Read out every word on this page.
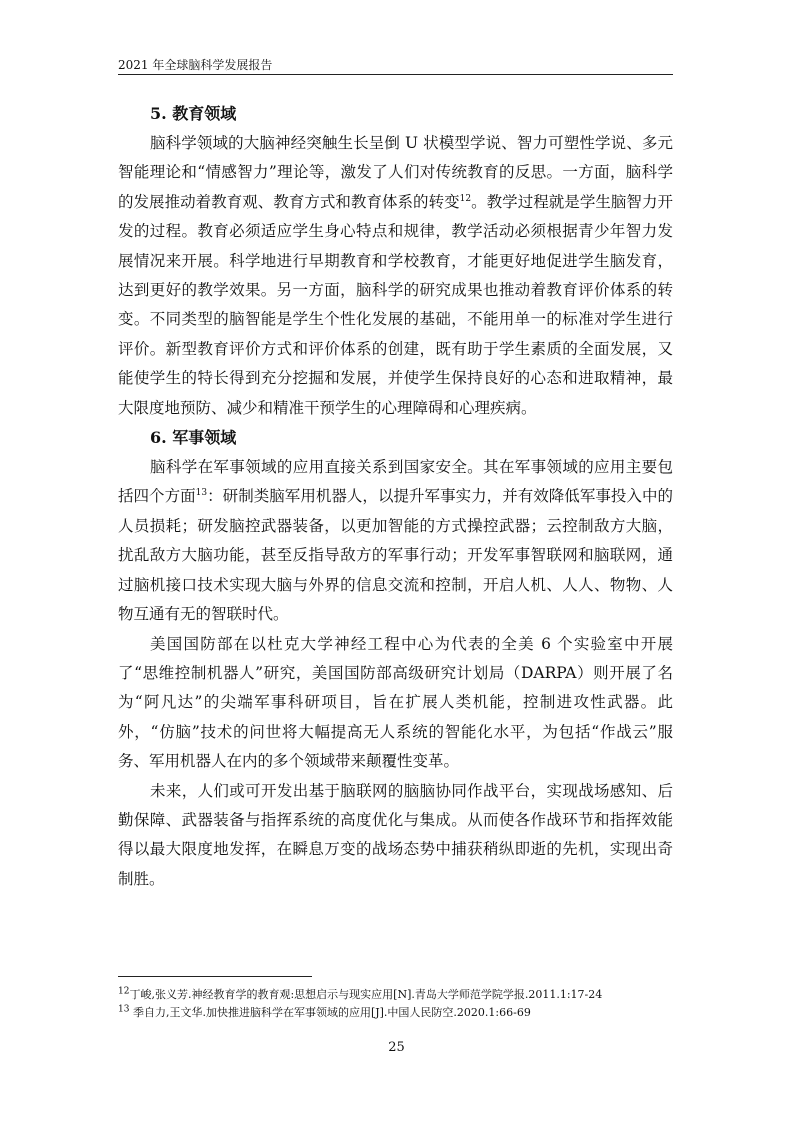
2021 年全球脑科学发展报告
5. 教育领域

脑科学领域的大脑神经突触生长呈倒 U 状模型学说、智力可塑性学说、多元智能理论和“情感智力”理论等，激发了人们对传统教育的反思。一方面，脑科学的发展推动着教育观、教育方式和教育体系的转变$^{12}$。教学过程就是学生脑智力开发的过程。教育必须适应学生身心特点和规律，教学活动必须根据青少年智力发展情况来开展。科学地进行早期教育和学校教育，才能更好地促进学生脑发育，达到更好的教学效果。另一方面，脑科学的研究成果也推动着教育评价体系的转变。不同类型的脑智能是学生个性化发展的基础，不能用单一的标准对学生进行评价。新型教育评价方式和评价体系的创建，既有助于学生素质的全面发展，又能使学生的特长得到充分挖掘和发展，并使学生保持良好的心态和进取精神，最大限度地预防、减少和精准干预学生的心理障碍和心理疾病。

6. 军事领域

脑科学在军事领域的应用直接关系到国家安全。其在军事领域的应用主要包括四个方面$^{13}$：研制类脑军用机器人，以提升军事实力，并有效降低军事投入中的人员损耗；研发脑控武器装备，以更加智能的方式操控武器；云控制敌方大脑，扰乱敌方大脑功能，甚至反指导敌方的军事行动；开发军事智联网和脑联网，通过脑机接口技术实现大脑与外界的信息交流和控制，开启人机、人人、物物、人物互通有无的智联时代。

美国国防部在以杜克大学神经工程中心为代表的全美 6 个实验室中开展了“思维控制机器人”研究，美国国防部高级研究计划局（DARPA）则开展了名为“阿凡达”的尖端军事科研项目，旨在扩展人类机能，控制进攻性武器。此外，“仿脑”技术的问世将大幅提高无人系统的智能化水平，为包括“作战云”服务、军用机器人在内的多个领域带来颠覆性变革。

未来，人们或可开发出基于脑联网的脑脑协同作战平台，实现战场感知、后勤保障、武器装备与指挥系统的高度优化与集成。从而使各作战环节和指挥效能得以最大限度地发挥，在瞬息万变的战场态势中捕获稍纵即逝的先机，实现出奇制胜。

$^{12}$丁峻,张义芳.神经教育学的教育观:思想启示与现实应用[N].青岛大学师范学院学报.2011.1:17-24
$^{13}$ 季自力,王文华.加快推进脑科学在军事领域的应用[J].中国人民防空.2020.1:66-69
25
